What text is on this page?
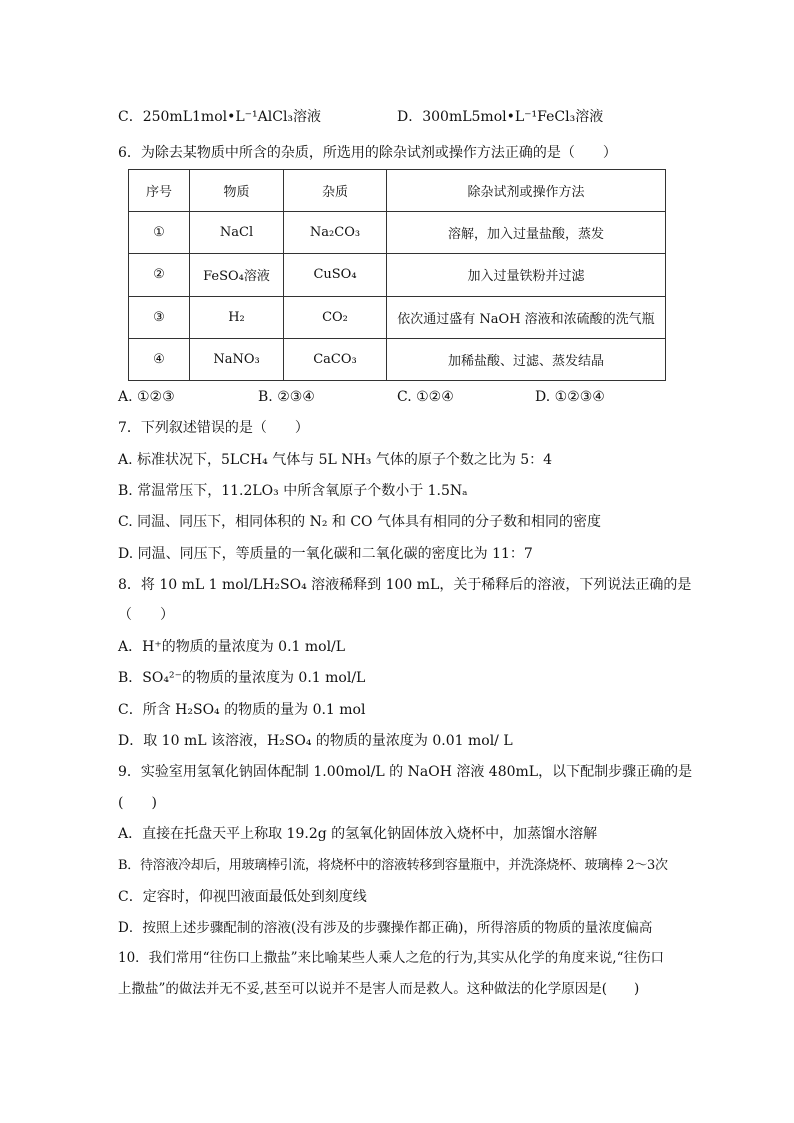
C．250mL1mol•L⁻¹AlCl₃溶液	D．300mL5mol•L⁻¹FeCl₃溶液
6．为除去某物质中所含的杂质，所选用的除杂试剂或操作方法正确的是（　　）
序号	物质	杂质	除杂试剂或操作方法
①	NaCl	Na₂CO₃	溶解，加入过量盐酸，蒸发
②	FeSO₄溶液	CuSO₄	加入过量铁粉并过滤
③	H₂	CO₂	依次通过盛有 NaOH 溶液和浓硫酸的洗气瓶
④	NaNO₃	CaCO₃	加稀盐酸、过滤、蒸发结晶
A. ①②③	B. ②③④	C. ①②④	D. ①②③④
7．下列叙述错误的是（　　）
A. 标准状况下，5LCH₄ 气体与 5L NH₃ 气体的原子个数之比为 5：4
B. 常温常压下，11.2LO₃ 中所含氧原子个数小于 1.5Nₐ
C. 同温、同压下，相同体积的 N₂ 和 CO 气体具有相同的分子数和相同的密度
D. 同温、同压下，等质量的一氧化碳和二氧化碳的密度比为 11：7
8．将 10 mL 1 mol/LH₂SO₄ 溶液稀释到 100 mL，关于稀释后的溶液，下列说法正确的是
（　　）
A．H⁺的物质的量浓度为 0.1 mol/L
B．SO₄²⁻的物质的量浓度为 0.1 mol/L
C．所含 H₂SO₄ 的物质的量为 0.1 mol
D．取 10 mL 该溶液，H₂SO₄ 的物质的量浓度为 0.01 mol/ L
9．实验室用氢氧化钠固体配制 1.00mol/L 的 NaOH 溶液 480mL，以下配制步骤正确的是
(　　)
A．直接在托盘天平上称取 19.2g 的氢氧化钠固体放入烧杯中，加蒸馏水溶解
B．待溶液冷却后，用玻璃棒引流，将烧杯中的溶液转移到容量瓶中，并洗涤烧杯、玻璃棒 2～3次
C．定容时，仰视凹液面最低处到刻度线
D．按照上述步骤配制的溶液(没有涉及的步骤操作都正确)，所得溶质的物质的量浓度偏高
10．我们常用“往伤口上撒盐”来比喻某些人乘人之危的行为,其实从化学的角度来说,“往伤口
上撒盐”的做法并无不妥,甚至可以说并不是害人而是救人。这种做法的化学原因是(　　)
